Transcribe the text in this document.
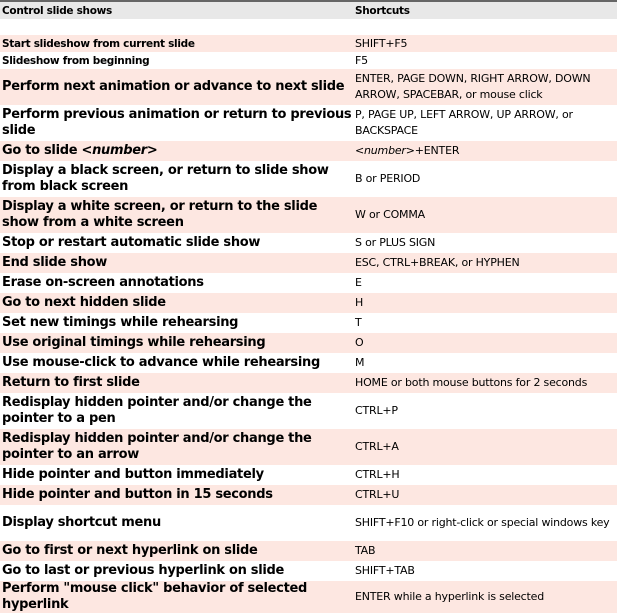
Control slide shows	Shortcuts

Start slideshow from current slide	SHIFT+F5
Slideshow from beginning	F5
Perform next animation or advance to next slide	ENTER, PAGE DOWN, RIGHT ARROW, DOWN ARROW, SPACEBAR, or mouse click
Perform previous animation or return to previous slide	P, PAGE UP, LEFT ARROW, UP ARROW, or BACKSPACE
Go to slide <number>	<number>+ENTER
Display a black screen, or return to slide show from black screen	B or PERIOD
Display a white screen, or return to the slide show from a white screen	W or COMMA
Stop or restart automatic slide show	S or PLUS SIGN
End slide show	ESC, CTRL+BREAK, or HYPHEN
Erase on-screen annotations	E
Go to next hidden slide	H
Set new timings while rehearsing	T
Use original timings while rehearsing	O
Use mouse-click to advance while rehearsing	M
Return to first slide	HOME or both mouse buttons for 2 seconds
Redisplay hidden pointer and/or change the pointer to a pen	CTRL+P
Redisplay hidden pointer and/or change the pointer to an arrow	CTRL+A
Hide pointer and button immediately	CTRL+H
Hide pointer and button in 15 seconds	CTRL+U
Display shortcut menu	SHIFT+F10 or right-click or special windows key
Go to first or next hyperlink on slide	TAB
Go to last or previous hyperlink on slide	SHIFT+TAB
Perform "mouse click" behavior of selected hyperlink	ENTER while a hyperlink is selected
